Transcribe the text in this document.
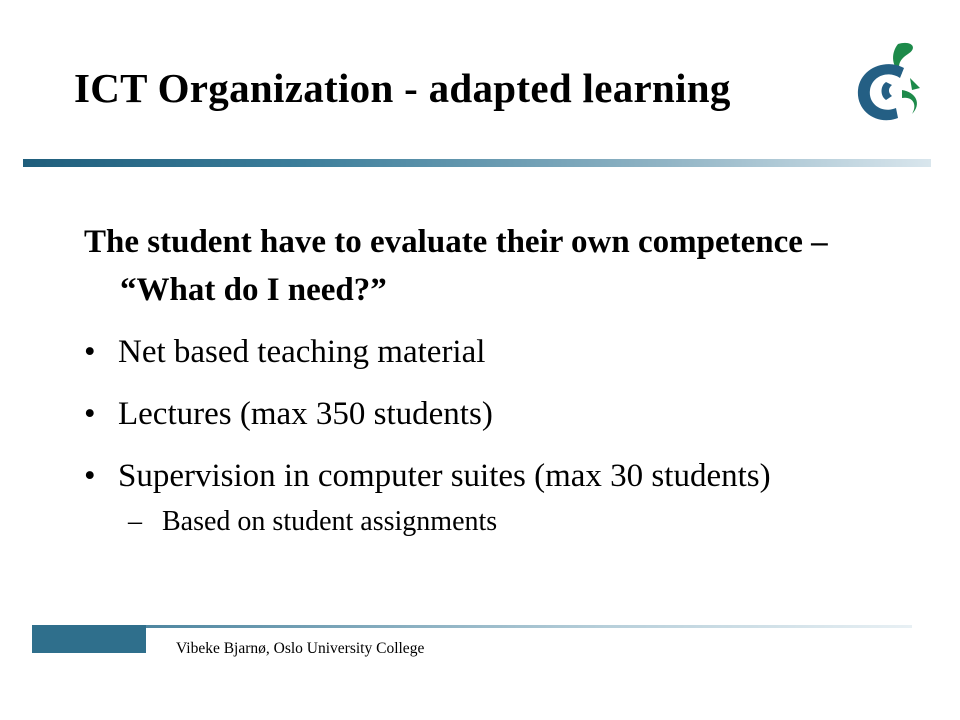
ICT Organization - adapted learning

The student have to evaluate their own competence – “What do I need?”

• Net based teaching material
• Lectures (max 350 students)
• Supervision in computer suites (max 30 students)
– Based on student assignments
Vibeke Bjarnø, Oslo University College
